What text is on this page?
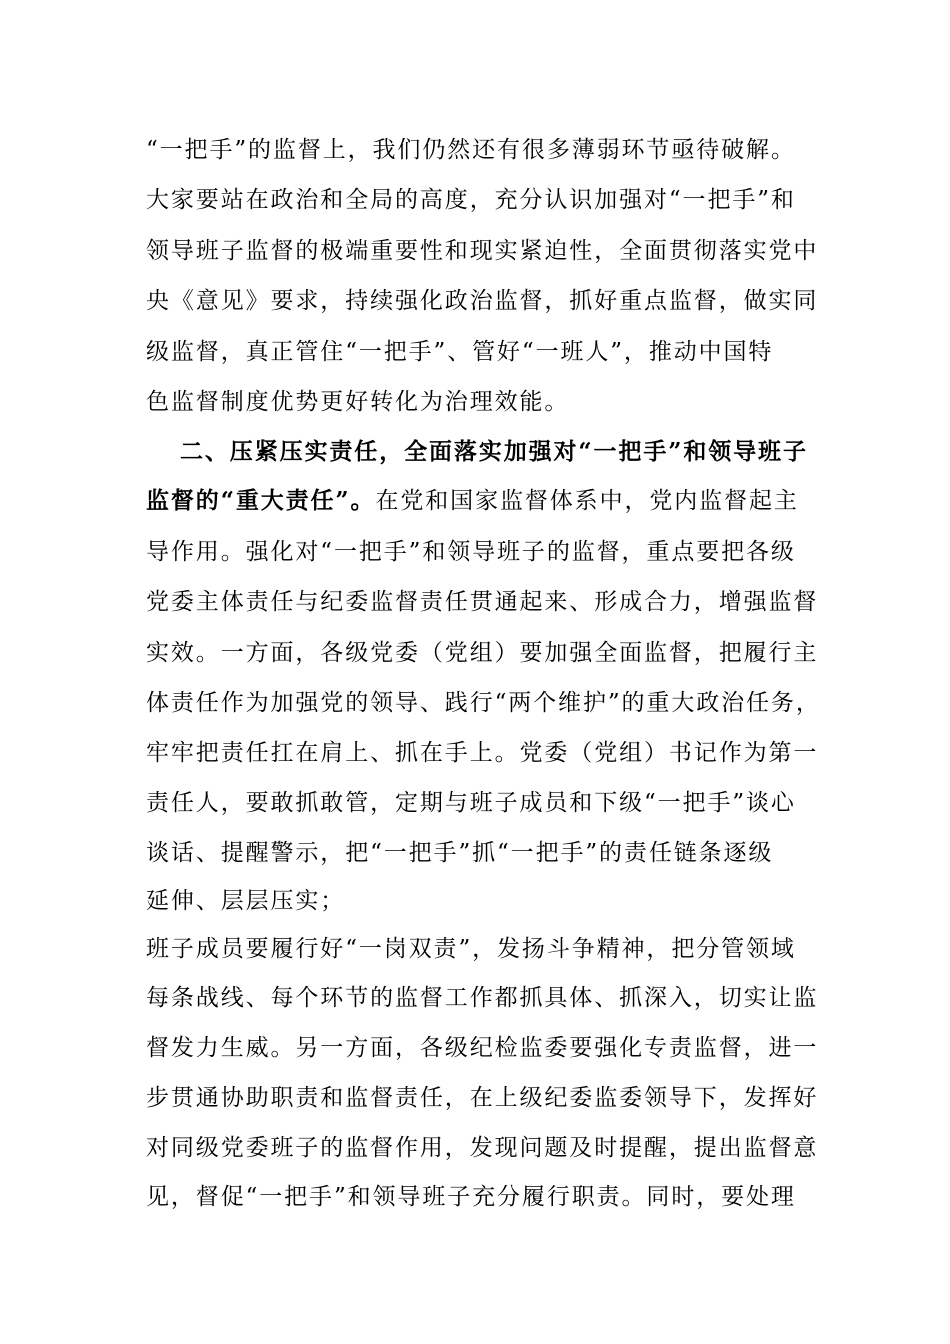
“一把手”的监督上，我们仍然还有很多薄弱环节亟待破解。
大家要站在政治和全局的高度，充分认识加强对“一把手”和
领导班子监督的极端重要性和现实紧迫性，全面贯彻落实党中
央《意见》要求，持续强化政治监督，抓好重点监督，做实同
级监督，真正管住“一把手”、管好“一班人”，推动中国特
色监督制度优势更好转化为治理效能。
二、压紧压实责任，全面落实加强对“一把手”和领导班子
监督的“重大责任”。在党和国家监督体系中，党内监督起主
导作用。强化对“一把手”和领导班子的监督，重点要把各级
党委主体责任与纪委监督责任贯通起来、形成合力，增强监督
实效。一方面，各级党委（党组）要加强全面监督，把履行主
体责任作为加强党的领导、践行“两个维护”的重大政治任务，
牢牢把责任扛在肩上、抓在手上。党委（党组）书记作为第一
责任人，要敢抓敢管，定期与班子成员和下级“一把手”谈心
谈话、提醒警示，把“一把手”抓“一把手”的责任链条逐级
延伸、层层压实；
班子成员要履行好“一岗双责”，发扬斗争精神，把分管领域
每条战线、每个环节的监督工作都抓具体、抓深入，切实让监
督发力生威。另一方面，各级纪检监委要强化专责监督，进一
步贯通协助职责和监督责任，在上级纪委监委领导下，发挥好
对同级党委班子的监督作用，发现问题及时提醒，提出监督意
见，督促“一把手”和领导班子充分履行职责。同时，要处理
